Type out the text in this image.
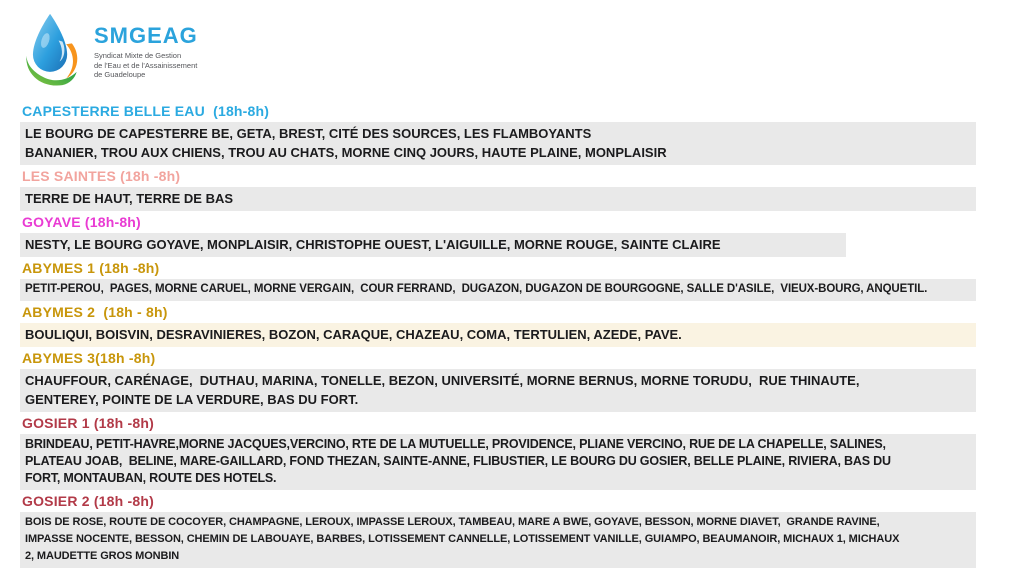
SMGEAG
Syndicat Mixte de Gestion
de l'Eau et de l'Assainissement
de Guadeloupe
CAPESTERRE BELLE EAU  (18h-8h)
LE BOURG DE CAPESTERRE BE, GETA, BREST, CITÉ DES SOURCES, LES FLAMBOYANTS
BANANIER, TROU AUX CHIENS, TROU AU CHATS, MORNE CINQ JOURS, HAUTE PLAINE, MONPLAISIR
LES SAINTES (18h -8h)
TERRE DE HAUT, TERRE DE BAS
GOYAVE (18h-8h)
NESTY, LE BOURG GOYAVE, MONPLAISIR, CHRISTOPHE OUEST, L'AIGUILLE, MORNE ROUGE, SAINTE CLAIRE
ABYMES 1 (18h -8h)
PETIT-PEROU,  PAGES, MORNE CARUEL, MORNE VERGAIN,  COUR FERRAND,  DUGAZON, DUGAZON DE BOURGOGNE, SALLE D'ASILE,  VIEUX-BOURG, ANQUETIL.
ABYMES 2  (18h - 8h)
BOULIQUI, BOISVIN, DESRAVINIERES, BOZON, CARAQUE, CHAZEAU, COMA, TERTULIEN, AZEDE, PAVE.
ABYMES 3(18h -8h)
CHAUFFOUR, CARÉNAGE,  DUTHAU, MARINA, TONELLE, BEZON, UNIVERSITÉ, MORNE BERNUS, MORNE TORUDU,  RUE THINAUTE,
GENTEREY, POINTE DE LA VERDURE, BAS DU FORT.
GOSIER 1 (18h -8h)
BRINDEAU, PETIT-HAVRE,MORNE JACQUES,VERCINO, RTE DE LA MUTUELLE, PROVIDENCE, PLIANE VERCINO, RUE DE LA CHAPELLE, SALINES,
PLATEAU JOAB,  BELINE, MARE-GAILLARD, FOND THEZAN, SAINTE-ANNE, FLIBUSTIER, LE BOURG DU GOSIER, BELLE PLAINE, RIVIERA, BAS DU
FORT, MONTAUBAN, ROUTE DES HOTELS.
GOSIER 2 (18h -8h)
BOIS DE ROSE, ROUTE DE COCOYER, CHAMPAGNE, LEROUX, IMPASSE LEROUX, TAMBEAU, MARE A BWE, GOYAVE, BESSON, MORNE DIAVET,  GRANDE RAVINE,
IMPASSE NOCENTE, BESSON, CHEMIN DE LABOUAYE, BARBES, LOTISSEMENT CANNELLE, LOTISSEMENT VANILLE, GUIAMPO, BEAUMANOIR, MICHAUX 1, MICHAUX
2, MAUDETTE GROS MONBIN
